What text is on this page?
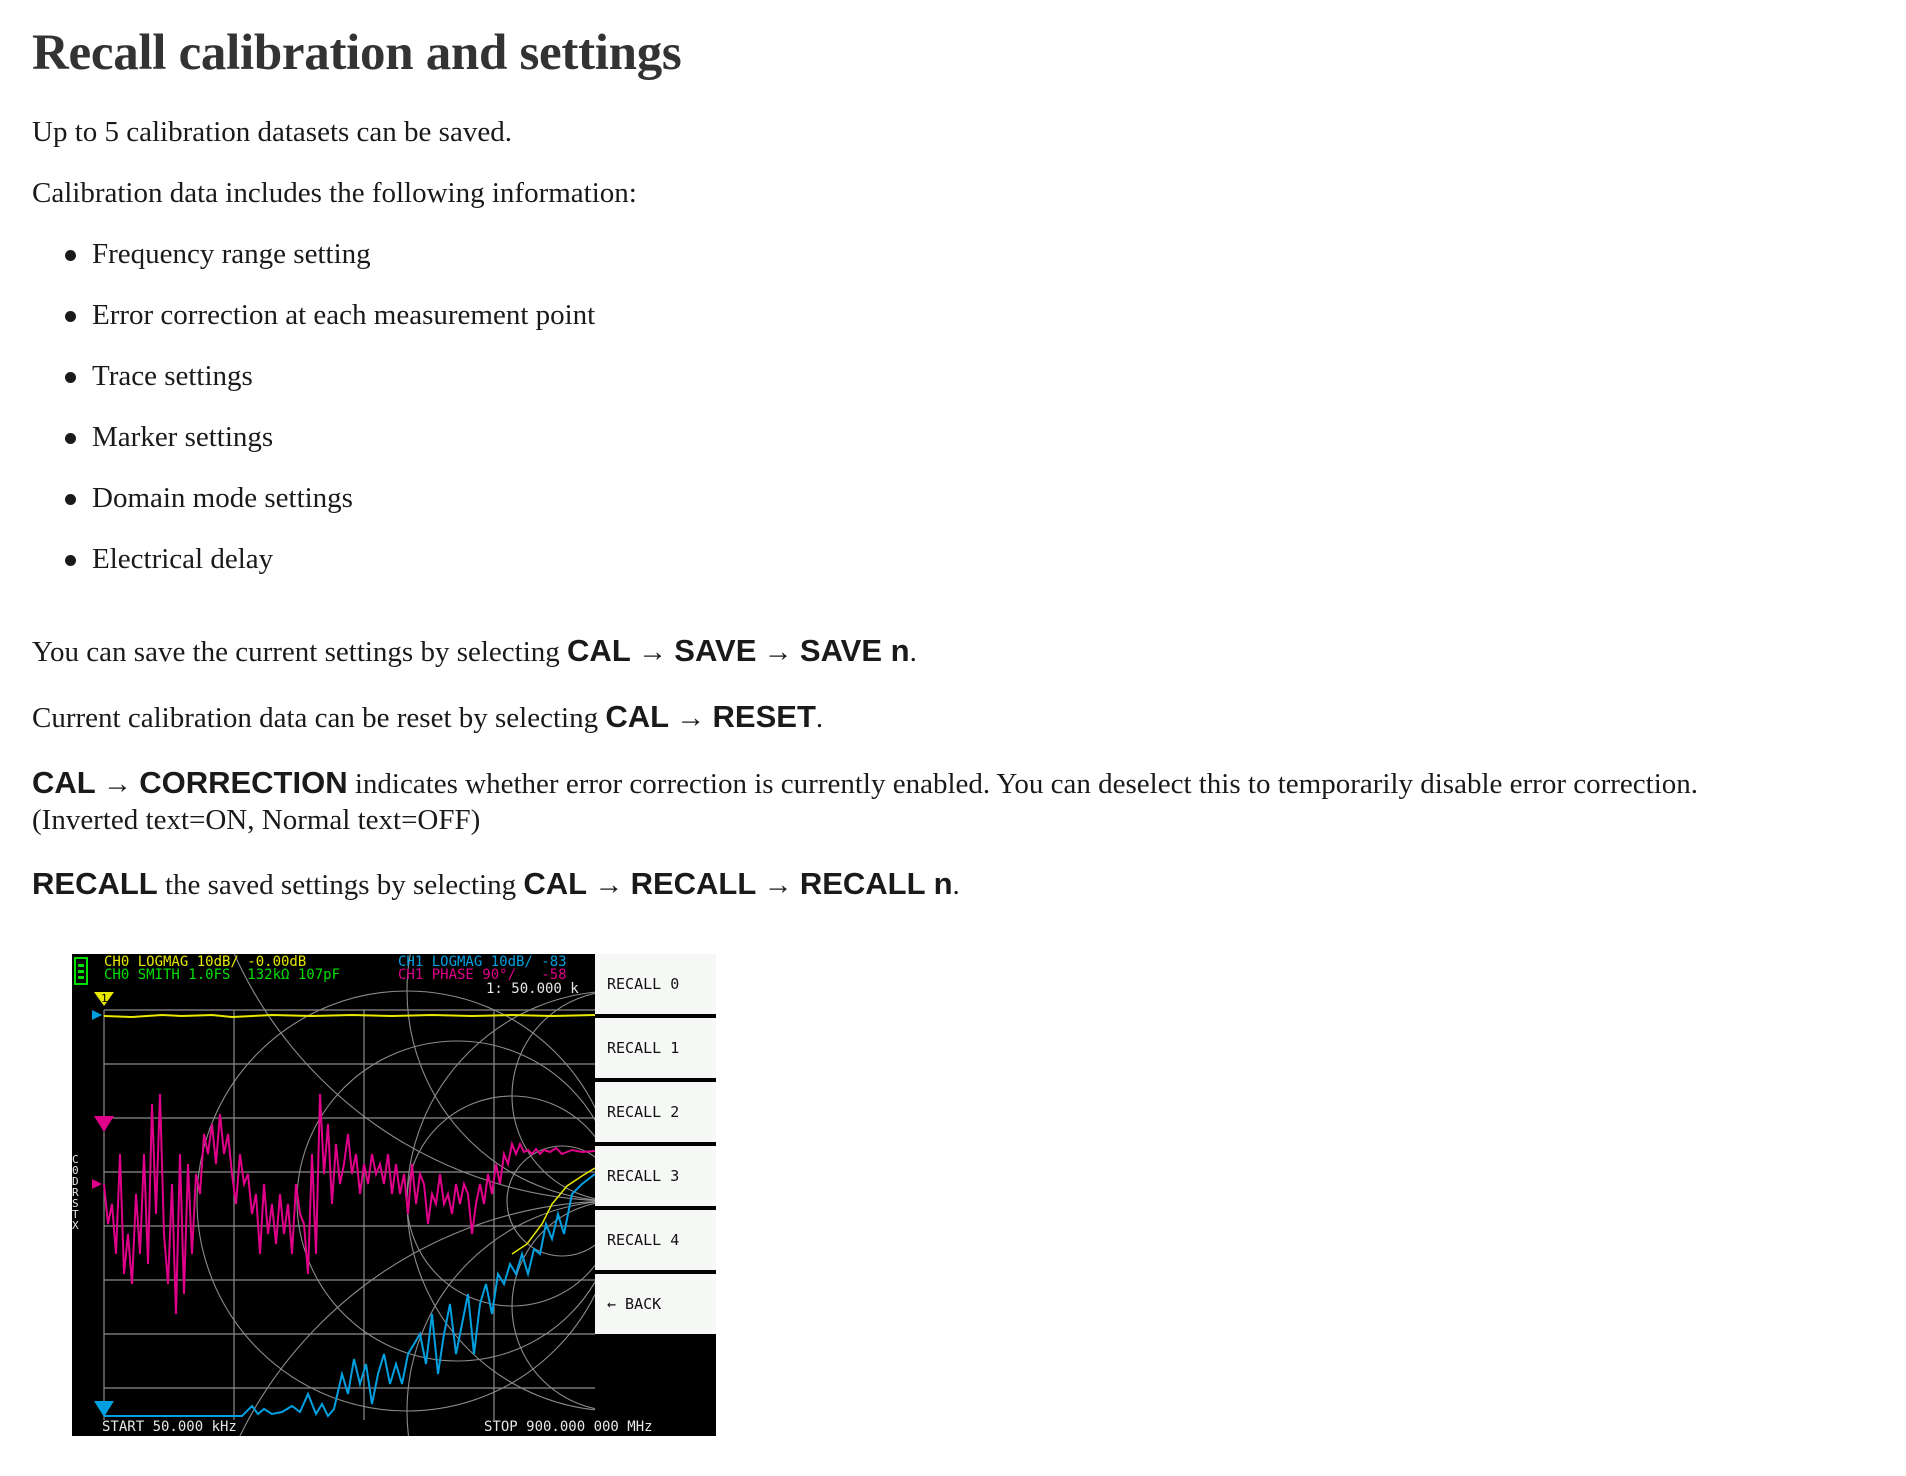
Recall calibration and settings

Up to 5 calibration datasets can be saved.

Calibration data includes the following information:

Frequency range setting
Error correction at each measurement point
Trace settings
Marker settings
Domain mode settings
Electrical delay

You can save the current settings by selecting CAL → SAVE → SAVE n.

Current calibration data can be reset by selecting CAL → RESET.

CAL → CORRECTION indicates whether error correction is currently enabled. You can deselect this to temporarily disable error correction. (Inverted text=ON, Normal text=OFF)

RECALL the saved settings by selecting CAL → RECALL → RECALL n.

1
CH0 LOGMAG 10dB/ -0.00dB
CH0 SMITH 1.0FS  132kΩ 107pF
CH1 LOGMAG 10dB/ -83
CH1 PHASE 90°/   -58
1: 50.000 k
C0DRSTX
START 50.000 kHz	STOP 900.000 000 MHz
RECALL 0
RECALL 1
RECALL 2
RECALL 3
RECALL 4
← BACK
